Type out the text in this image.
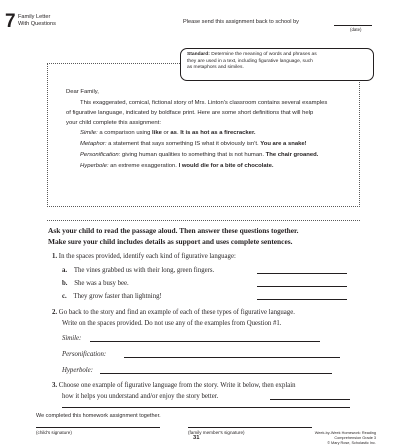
7 Family Letter
With Questions	Please send this assignment back to school by
(date)
Standard: Determine the meaning of words and phrases as
they are used in a text, including figurative language, such
as metaphors and similes.
Dear Family,
This exaggerated, comical, fictional story of Mrs. Linton's classroom contains several examples
of figurative language, indicated by boldface print. Here are some short definitions that will help
your child complete this assignment:
Simile: a comparison using like or as. It is as hot as a firecracker.
Metaphor: a statement that says something IS what it obviously isn't. You are a snake!
Personification: giving human qualities to something that is not human. The chair groaned.
Hyperbole: an extreme exaggeration. I would die for a bite of chocolate.
Ask your child to read the passage aloud. Then answer these questions together.
Make sure your child includes details as support and uses complete sentences.
1. In the spaces provided, identify each kind of figurative language:
a. The vines grabbed us with their long, green fingers.
b. She was a busy bee.
c. They grow faster than lightning!
2. Go back to the story and find an example of each of these types of figurative language.
Write on the spaces provided. Do not use any of the examples from Question #1.
Simile:
Personification:
Hyperbole:
3. Choose one example of figurative language from the story. Write it below, then explain
how it helps you understand and/or enjoy the story better.
We completed this homework assignment together.
(child's signature)	(family member's signature)
31
Week-by-Week Homework: Reading Comprehension Grade 3
© Mary Rose, Scholastic Inc.
